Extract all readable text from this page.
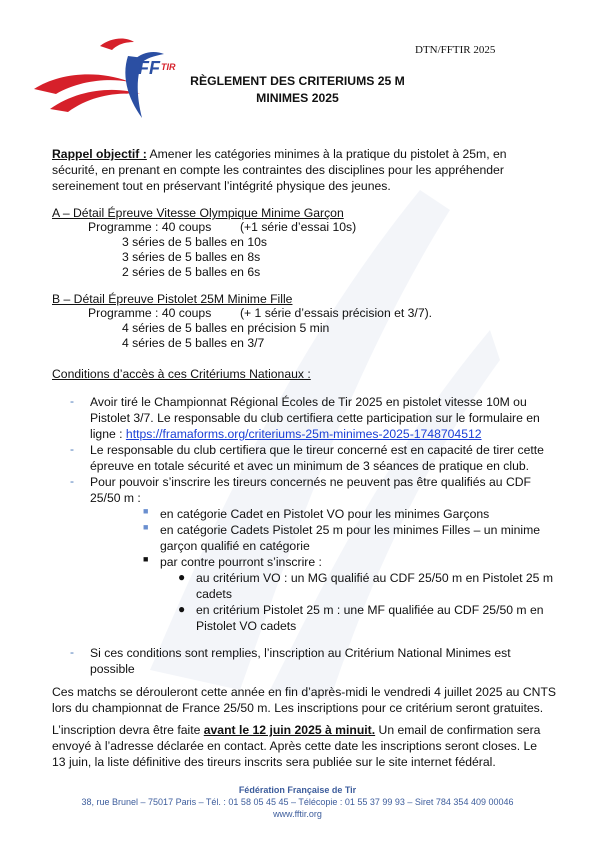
FF TIR
DTN/FFTIR 2025
RÈGLEMENT DES CRITERIUMS 25 M
MINIMES 2025
Rappel objectif : Amener les catégories minimes à la pratique du pistolet à 25m, en
sécurité, en prenant en compte les contraintes des disciplines pour les appréhender
sereinement tout en préservant l’intégrité physique des jeunes.
A – Détail Épreuve Vitesse Olympique Minime Garçon
Programme : 40 coups (+1 série d’essai 10s)
3 séries de 5 balles en 10s
3 séries de 5 balles en 8s
2 séries de 5 balles en 6s
B – Détail Épreuve Pistolet 25M Minime Fille
Programme : 40 coups (+ 1 série d’essais précision et 3/7).
4 séries de 5 balles en précision 5 min
4 séries de 5 balles en 3/7
Conditions d’accès à ces Critériums Nationaux :
- Avoir tiré le Championnat Régional Écoles de Tir 2025 en pistolet vitesse 10M ou
Pistolet 3/7. Le responsable du club certifiera cette participation sur le formulaire en
ligne : https://framaforms.org/criteriums-25m-minimes-2025-1748704512
- Le responsable du club certifiera que le tireur concerné est en capacité de tirer cette
épreuve en totale sécurité et avec un minimum de 3 séances de pratique en club.
- Pour pouvoir s’inscrire les tireurs concernés ne peuvent pas être qualifiés au CDF
25/50 m :
■ en catégorie Cadet en Pistolet VO pour les minimes Garçons
■ en catégorie Cadets Pistolet 25 m pour les minimes Filles – un minime
garçon qualifié en catégorie
■ par contre pourront s’inscrire :
● au critérium VO : un MG qualifié au CDF 25/50 m en Pistolet 25 m
cadets
● en critérium Pistolet 25 m : une MF qualifiée au CDF 25/50 m en
Pistolet VO cadets
- Si ces conditions sont remplies, l’inscription au Critérium National Minimes est
possible
Ces matchs se dérouleront cette année en fin d’après-midi le vendredi 4 juillet 2025 au CNTS
lors du championnat de France 25/50 m. Les inscriptions pour ce critérium seront gratuites.
L’inscription devra être faite avant le 12 juin 2025 à minuit. Un email de confirmation sera
envoyé à l’adresse déclarée en contact. Après cette date les inscriptions seront closes. Le
13 juin, la liste définitive des tireurs inscrits sera publiée sur le site internet fédéral.
Fédération Française de Tir
38, rue Brunel – 75017 Paris – Tél. : 01 58 05 45 45 – Télécopie : 01 55 37 99 93 – Siret 784 354 409 00046
www.fftir.org
